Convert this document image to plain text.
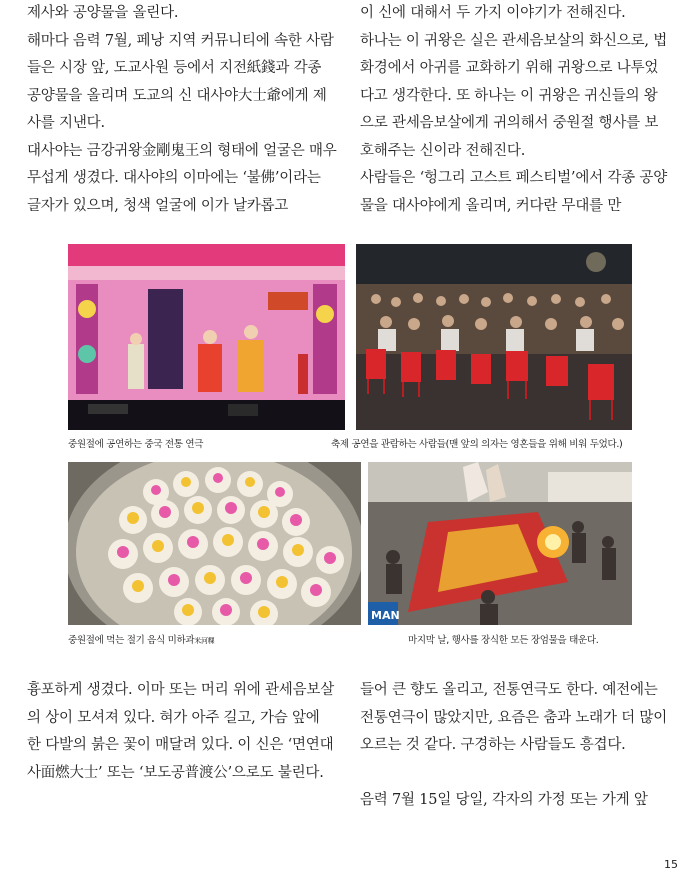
제사와 공양물을 올린다.

해마다 음력 7월, 페낭 지역 커뮤니티에 속한 사람들은 시장 앞, 도교사원 등에서 지전紙錢과 각종 공양물을 올리며 도교의 신 대사야大士爺에게 제사를 지낸다.

대사야는 금강귀왕金剛鬼王의 형태에 얼굴은 매우 무섭게 생겼다. 대사야의 이마에는 ‘불佛’이라는 글자가 있으며, 청색 얼굴에 이가 날카롭고

이 신에 대해서 두 가지 이야기가 전해진다.

하나는 이 귀왕은 실은 관세음보살의 화신으로, 법화경에서 아귀를 교화하기 위해 귀왕으로 나투었다고 생각한다. 또 하나는 이 귀왕은 귀신들의 왕으로 관세음보살에게 귀의해서 중원절 행사를 보호해주는 신이라 전해진다.

사람들은 ‘헝그리 고스트 페스티벌’에서 각종 공양물을 대사야에게 올리며, 커다란 무대를 만

중원절에 공연하는 중국 전통 연극	축제 공연을 관람하는 사람들(맨 앞의 의자는 영혼들을 위해 비워 두었다.)
MAN
중원절에 먹는 절기 음식 미하과米河粿	마지막 날, 행사를 장식한 모든 장엄물을 태운다.

흉포하게 생겼다. 이마 또는 머리 위에 관세음보살의 상이 모셔져 있다. 혀가 아주 길고, 가슴 앞에 한 다발의 붉은 꽃이 매달려 있다. 이 신은 ‘면연대사面燃大士’ 또는 ‘보도공普渡公’으로도 불린다.

들어 큰 향도 올리고, 전통연극도 한다. 예전에는 전통연극이 많았지만, 요즘은 춤과 노래가 더 많이 오르는 것 같다. 구경하는 사람들도 흥겹다.

음력 7월 15일 당일, 각자의 가정 또는 가게 앞

15
